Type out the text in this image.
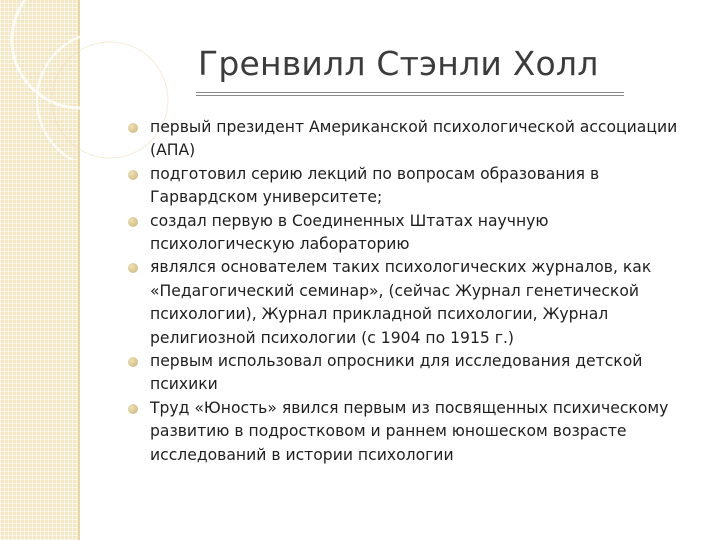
Гренвилл Стэнли Холл
первый президент Американской психологической ассоциации (АПА)
подготовил серию лекций по вопросам образования в Гарвардском университете;
создал первую в Соединенных Штатах научную психологическую лабораторию
являлся основателем таких психологических журналов, как «Педагогический семинар», (сейчас Журнал генетической психологии), Журнал прикладной психологии, Журнал религиозной психологии (с 1904 по 1915 г.)
первым использовал опросники для исследования детской психики
Труд «Юность» явился первым из посвященных психическому развитию в подростковом и раннем юношеском возрасте исследований в истории психологии
